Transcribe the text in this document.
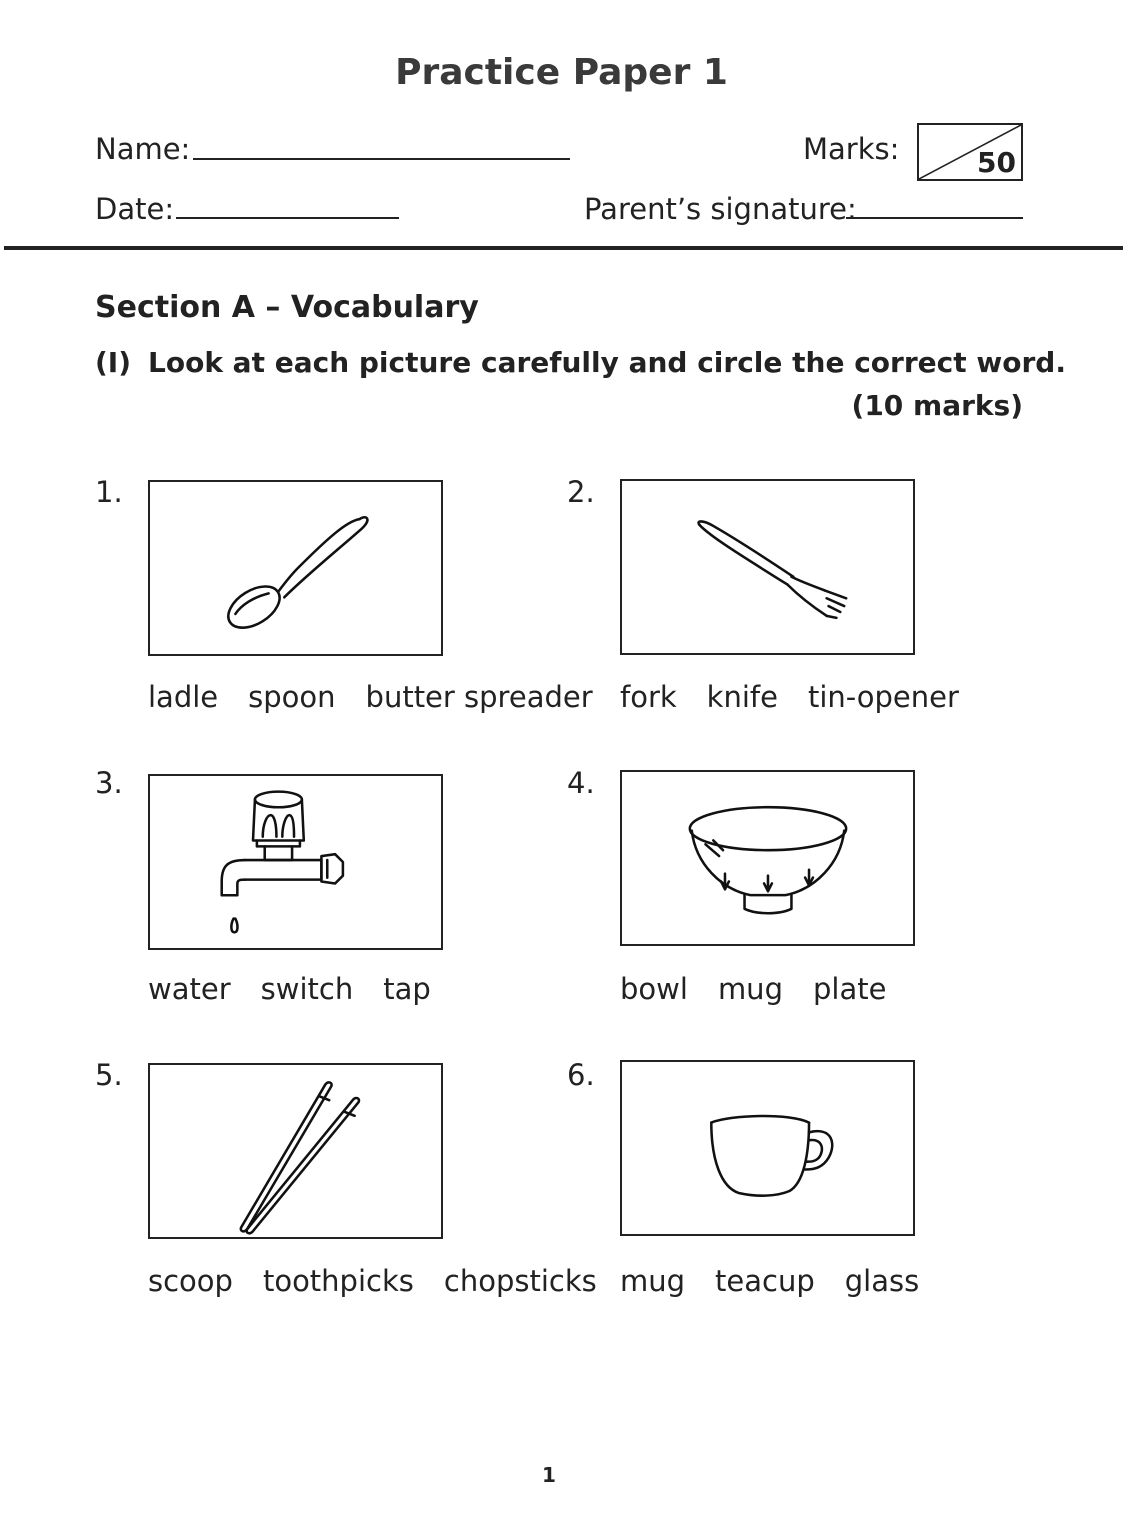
Practice Paper 1
Name:	Marks:	50
Date:	Parent’s signature:
Section A – Vocabulary
(I) Look at each picture carefully and circle the correct word.
(10 marks)
1.
ladle spoon butter spreader
2.
fork knife tin-opener
3.
water switch tap
4.
bowl mug plate
5.
scoop toothpicks chopsticks
6.
mug teacup glass
1
